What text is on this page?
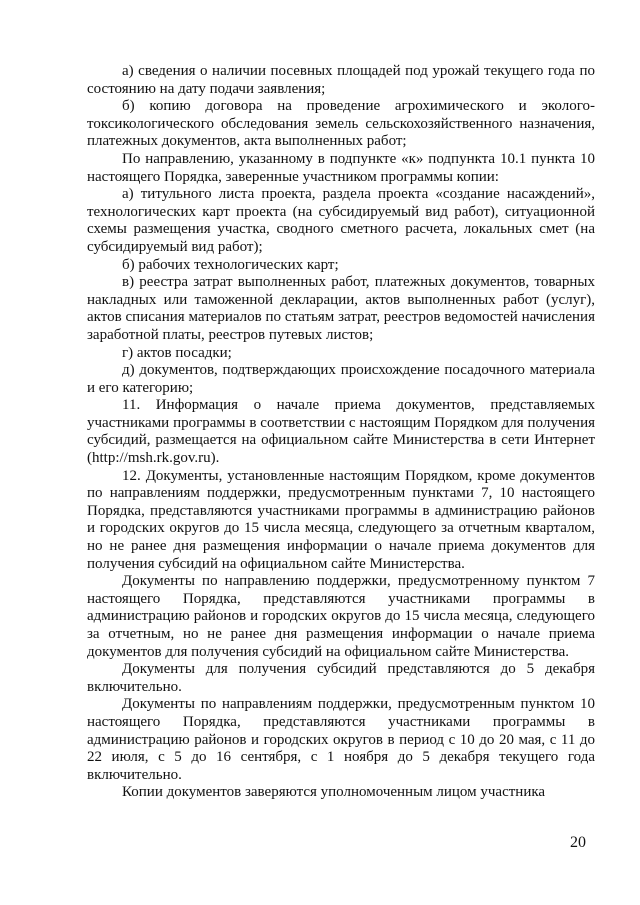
а) сведения о наличии посевных площадей под урожай текущего года по состоянию на дату подачи заявления;

б) копию договора на проведение агрохимического и эколого-токсикологического обследования земель сельскохозяйственного назначения, платежных документов, акта выполненных работ;

По направлению, указанному в подпункте «к» подпункта 10.1 пункта 10 настоящего Порядка, заверенные участником программы копии:

а) титульного листа проекта, раздела проекта «создание насаждений», технологических карт проекта (на субсидируемый вид работ), ситуационной схемы размещения участка, сводного сметного расчета, локальных смет (на субсидируемый вид работ);

б) рабочих технологических карт;

в) реестра затрат выполненных работ, платежных документов, товарных накладных или таможенной декларации, актов выполненных работ (услуг), актов списания материалов по статьям затрат, реестров ведомостей начисления заработной платы, реестров путевых листов;

г) актов посадки;

д) документов, подтверждающих происхождение посадочного материала и его категорию;

11. Информация о начале приема документов, представляемых участниками программы в соответствии с настоящим Порядком для получения субсидий, размещается на официальном сайте Министерства в сети Интернет (http://msh.rk.gov.ru).

12. Документы, установленные настоящим Порядком, кроме документов по направлениям поддержки, предусмотренным пунктами 7, 10 настоящего Порядка, представляются участниками программы в администрацию районов и городских округов до 15 числа месяца, следующего за отчетным кварталом, но не ранее дня размещения информации о начале приема документов для получения субсидий на официальном сайте Министерства.

Документы по направлению поддержки, предусмотренному пунктом 7 настоящего Порядка, представляются участниками программы в администрацию районов и городских округов до 15 числа месяца, следующего за отчетным, но не ранее дня размещения информации о начале приема документов для получения субсидий на официальном сайте Министерства.

Документы для получения субсидий представляются до 5 декабря включительно.

Документы по направлениям поддержки, предусмотренным пунктом 10 настоящего Порядка, представляются участниками программы в администрацию районов и городских округов в период с 10 до 20 мая, с 11 до 22 июля, с 5 до 16 сентября, с 1 ноября до 5 декабря текущего года включительно.

Копии документов заверяются уполномоченным лицом участника

20
